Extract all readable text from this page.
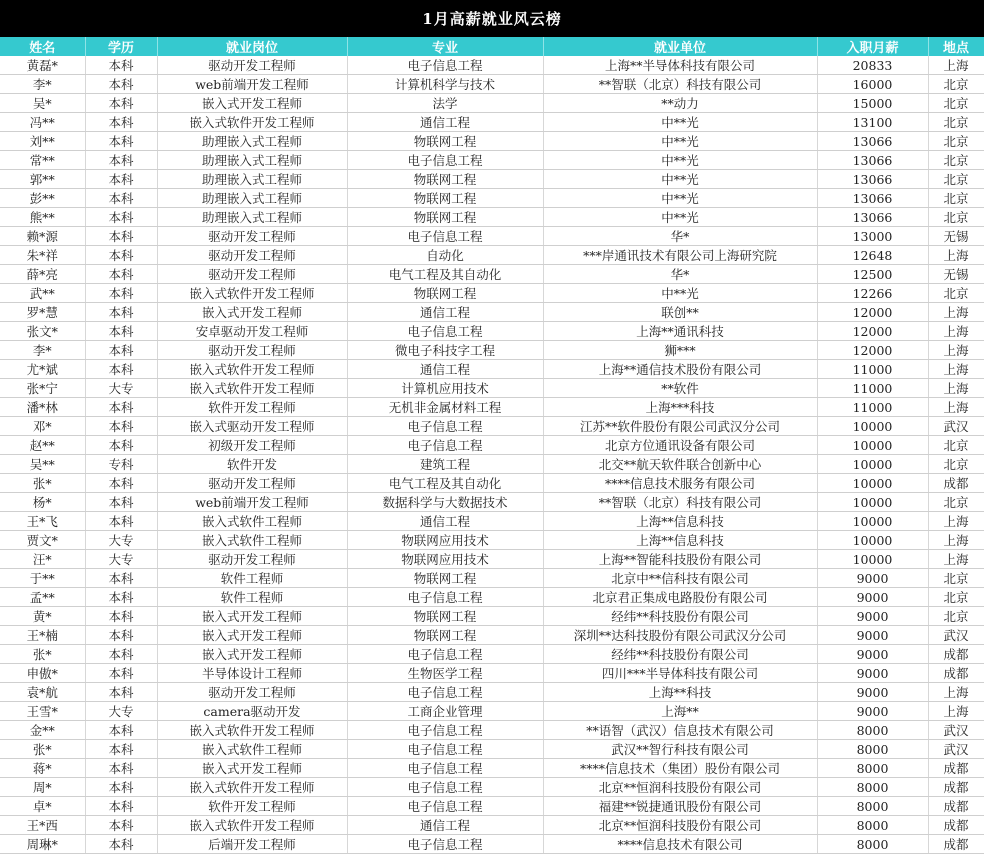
1月高薪就业风云榜
姓名	学历	就业岗位	专业	就业单位	入职月薪	地点
黄磊*	本科	驱动开发工程师	电子信息工程	上海**半导体科技有限公司	20833	上海
李*	本科	web前端开发工程师	计算机科学与技术	**智联（北京）科技有限公司	16000	北京
吴*	本科	嵌入式开发工程师	法学	**动力	15000	北京
冯**	本科	嵌入式软件开发工程师	通信工程	中**光	13100	北京
刘**	本科	助理嵌入式工程师	物联网工程	中**光	13066	北京
常**	本科	助理嵌入式工程师	电子信息工程	中**光	13066	北京
郭**	本科	助理嵌入式工程师	物联网工程	中**光	13066	北京
彭**	本科	助理嵌入式工程师	物联网工程	中**光	13066	北京
熊**	本科	助理嵌入式工程师	物联网工程	中**光	13066	北京
赖*源	本科	驱动开发工程师	电子信息工程	华*	13000	无锡
朱*祥	本科	驱动开发工程师	自动化	***岸通讯技术有限公司上海研究院	12648	上海
薛*亮	本科	驱动开发工程师	电气工程及其自动化	华*	12500	无锡
武**	本科	嵌入式软件开发工程师	物联网工程	中**光	12266	北京
罗*慧	本科	嵌入式开发工程师	通信工程	联创**	12000	上海
张文*	本科	安卓驱动开发工程师	电子信息工程	上海**通讯科技	12000	上海
李*	本科	驱动开发工程师	微电子科技字工程	狮***	12000	上海
尤*斌	本科	嵌入式软件开发工程师	通信工程	上海**通信技术股份有限公司	11000	上海
张*宁	大专	嵌入式软件开发工程师	计算机应用技术	**软件	11000	上海
潘*林	本科	软件开发工程师	无机非金属材料工程	上海***科技	11000	上海
邓*	本科	嵌入式驱动开发工程师	电子信息工程	江苏**软件股份有限公司武汉分公司	10000	武汉
赵**	本科	初级开发工程师	电子信息工程	北京方位通讯设备有限公司	10000	北京
吴**	专科	软件开发	建筑工程	北交**航天软件联合创新中心	10000	北京
张*	本科	驱动开发工程师	电气工程及其自动化	****信息技术服务有限公司	10000	成都
杨*	本科	web前端开发工程师	数据科学与大数据技术	**智联（北京）科技有限公司	10000	北京
王*飞	本科	嵌入式软件工程师	通信工程	上海**信息科技	10000	上海
贾文*	大专	嵌入式软件工程师	物联网应用技术	上海**信息科技	10000	上海
汪*	大专	驱动开发工程师	物联网应用技术	上海**智能科技股份有限公司	10000	上海
于**	本科	软件工程师	物联网工程	北京中**信科技有限公司	9000	北京
孟**	本科	软件工程师	电子信息工程	北京君正集成电路股份有限公司	9000	北京
黄*	本科	嵌入式开发工程师	物联网工程	经纬**科技股份有限公司	9000	北京
王*楠	本科	嵌入式开发工程师	物联网工程	深圳**达科技股份有限公司武汉分公司	9000	武汉
张*	本科	嵌入式开发工程师	电子信息工程	经纬**科技股份有限公司	9000	成都
申傲*	本科	半导体设计工程师	生物医学工程	四川***半导体科技有限公司	9000	成都
袁*航	本科	驱动开发工程师	电子信息工程	上海**科技	9000	上海
王雪*	大专	camera驱动开发	工商企业管理	上海**	9000	上海
金**	本科	嵌入式软件开发工程师	电子信息工程	**语智（武汉）信息技术有限公司	8000	武汉
张*	本科	嵌入式软件工程师	电子信息工程	武汉**智行科技有限公司	8000	武汉
蒋*	本科	嵌入式开发工程师	电子信息工程	****信息技术（集团）股份有限公司	8000	成都
周*	本科	嵌入式软件开发工程师	电子信息工程	北京**恒润科技股份有限公司	8000	成都
卓*	本科	软件开发工程师	电子信息工程	福建**锐捷通讯股份有限公司	8000	成都
王*西	本科	嵌入式软件开发工程师	通信工程	北京**恒润科技股份有限公司	8000	成都
周琳*	本科	后端开发工程师	电子信息工程	****信息技术有限公司	8000	成都
